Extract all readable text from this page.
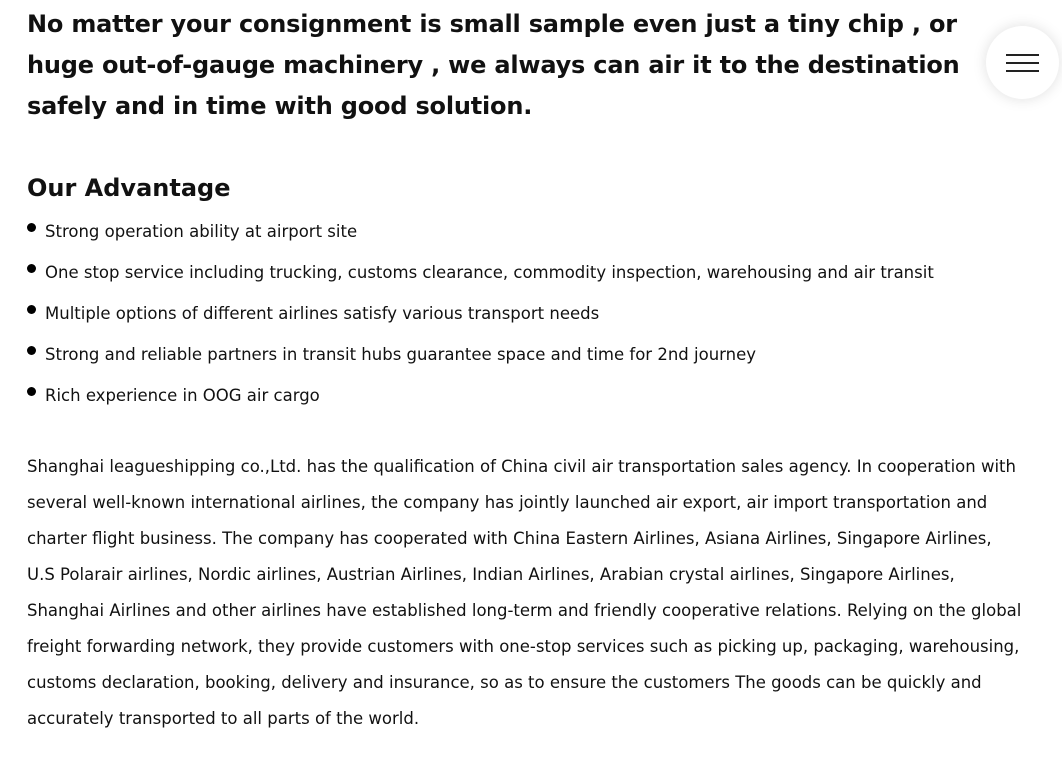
No matter your consignment is small sample even just a tiny chip , or huge out-of-gauge machinery , we always can air it to the destination safely and in time with good solution.

Our Advantage
Strong operation ability at airport site
One stop service including trucking, customs clearance, commodity inspection, warehousing and air transit
Multiple options of different airlines satisfy various transport needs
Strong and reliable partners in transit hubs guarantee space and time for 2nd journey
Rich experience in OOG air cargo

Shanghai leagueshipping co.,Ltd. has the qualification of China civil air transportation sales agency. In cooperation with several well-known international airlines, the company has jointly launched air export, air import transportation and charter flight business. The company has cooperated with China Eastern Airlines, Asiana Airlines, Singapore Airlines, U.S Polarair airlines, Nordic airlines, Austrian Airlines, Indian Airlines, Arabian crystal airlines, Singapore Airlines, Shanghai Airlines and other airlines have established long-term and friendly cooperative relations. Relying on the global freight forwarding network, they provide customers with one-stop services such as picking up, packaging, warehousing, customs declaration, booking, delivery and insurance, so as to ensure the customers The goods can be quickly and accurately transported to all parts of the world.
